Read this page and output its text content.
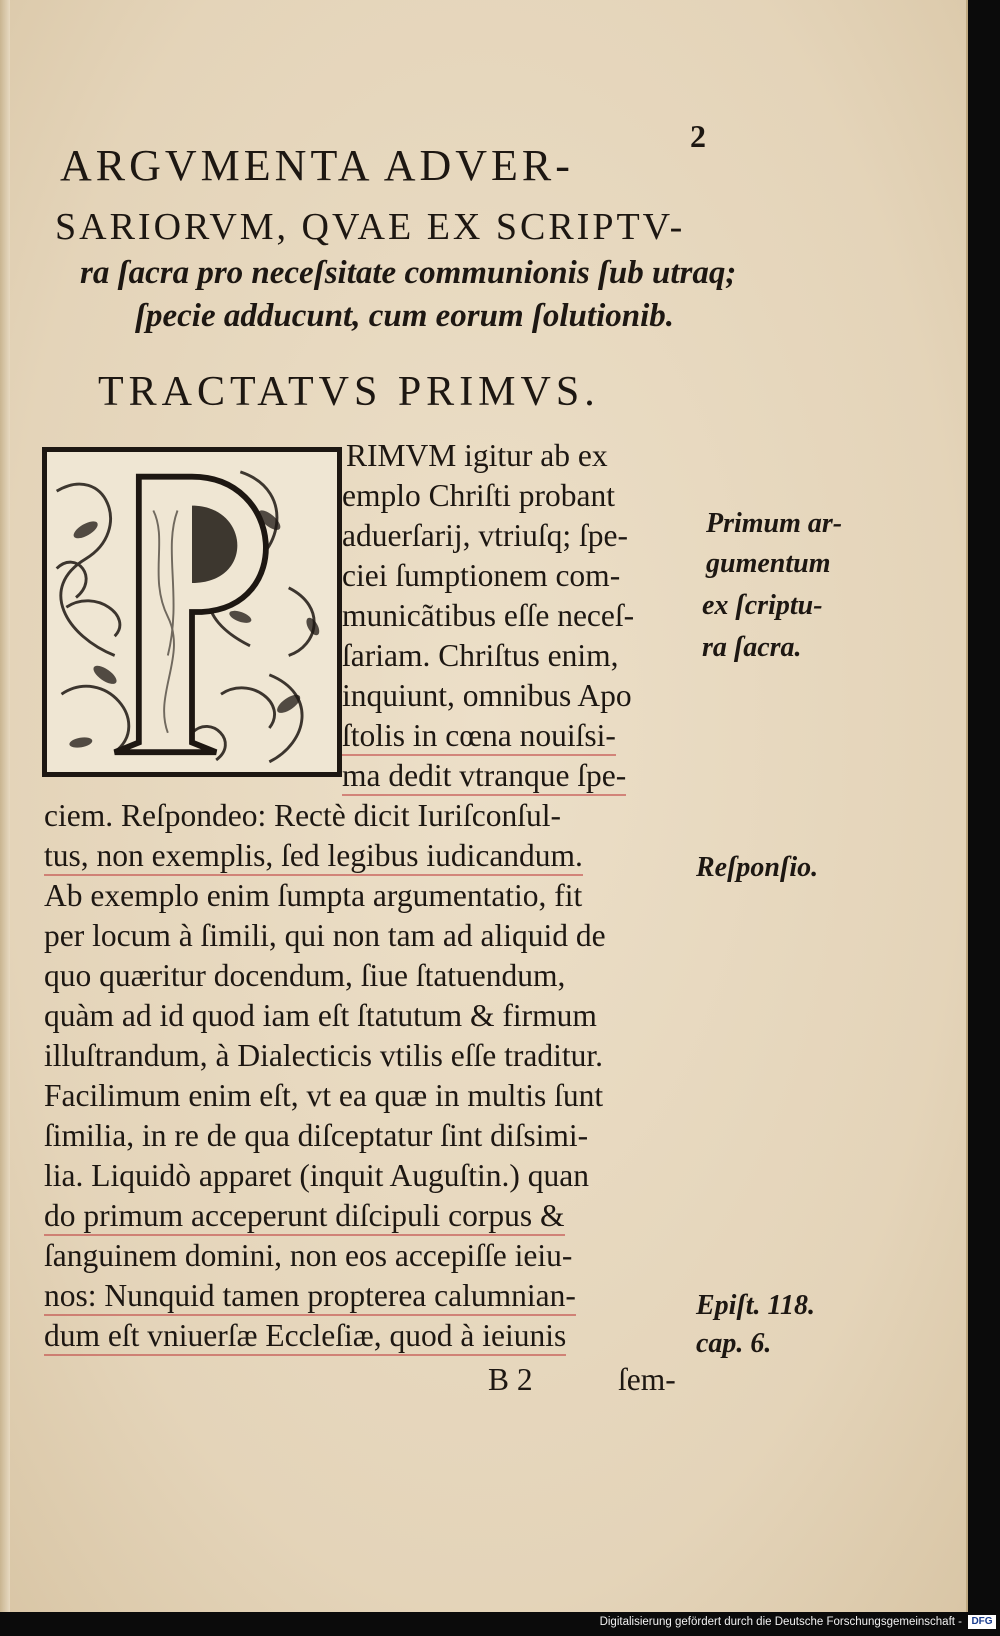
2
ARGVMENTA ADVER-
SARIORVM, QVAE EX SCRIPTV-
ra ſacra pro neceſsitate communionis ſub utraq;
ſpecie adducunt, cum eorum ſolutionib.
TRACTATVS PRIMVS.
RIMVM igitur ab ex
emplo Chriſti probant
aduerſarij, vtriuſq; ſpe-
ciei ſumptionem com-
municãtibus eſſe neceſ-
ſariam. Chriſtus enim,
inquiunt, omnibus Apo
ſtolis in cœna nouiſsi-
ma dedit vtranque ſpe-
ciem. Reſpondeo: Rectè dicit Iuriſconſul-
tus, non exemplis, ſed legibus iudicandum.
Ab exemplo enim ſumpta argumentatio, fit
per locum à ſimili, qui non tam ad aliquid de
quo quæritur docendum, ſiue ſtatuendum,
quàm ad id quod iam eſt ſtatutum & firmum
illuſtrandum, à Dialecticis vtilis eſſe traditur.
Facilimum enim eſt, vt ea quæ in multis ſunt
ſimilia, in re de qua diſceptatur ſint diſsimi-
lia. Liquidò apparet (inquit Auguſtin.) quan
do primum acceperunt diſcipuli corpus &
ſanguinem domini, non eos accepiſſe ieiu-
nos: Nunquid tamen propterea calumnian-
dum eſt vniuerſæ Eccleſiæ, quod à ieiunis
B 2	ſem-
Primum ar-
gumentum
ex ſcriptu-
ra ſacra.
Reſponſio.
Epiſt. 118.
cap. 6.
Digitalisierung gefördert durch die Deutsche Forschungsgemeinschaft - DFG
